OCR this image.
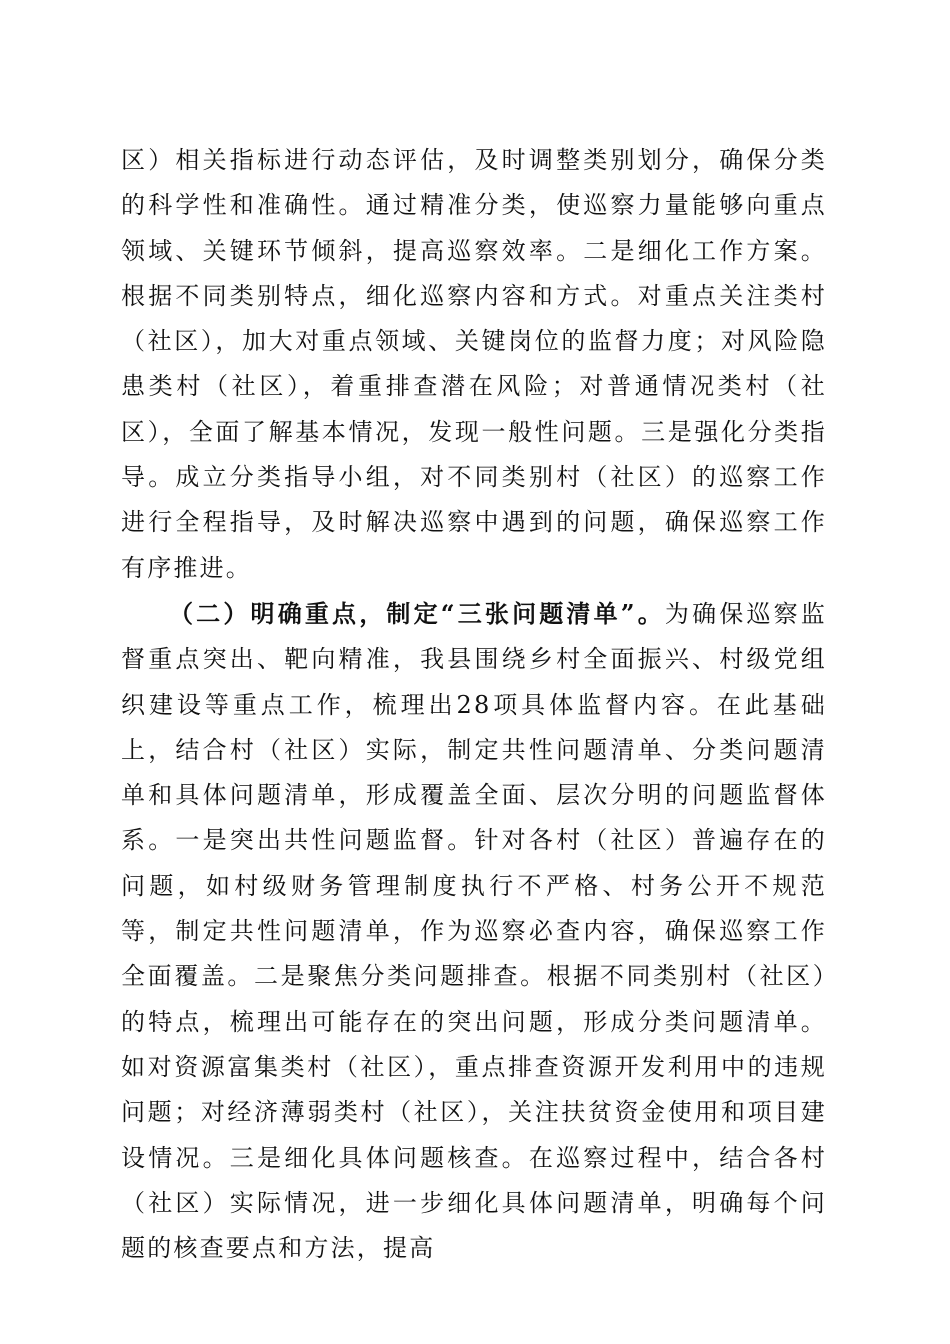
区）相关指标进行动态评估，及时调整类别划分，确保分类的科学性和准确性。通过精准分类，使巡察力量能够向重点领域、关键环节倾斜，提高巡察效率。二是细化工作方案。根据不同类别特点，细化巡察内容和方式。对重点关注类村（社区），加大对重点领域、关键岗位的监督力度；对风险隐患类村（社区），着重排查潜在风险；对普通情况类村（社区），全面了解基本情况，发现一般性问题。三是强化分类指导。成立分类指导小组，对不同类别村（社区）的巡察工作进行全程指导，及时解决巡察中遇到的问题，确保巡察工作有序推进。

（二）明确重点，制定“三张问题清单”。为确保巡察监督重点突出、靶向精准，我县围绕乡村全面振兴、村级党组织建设等重点工作，梳理出28项具体监督内容。在此基础上，结合村（社区）实际，制定共性问题清单、分类问题清单和具体问题清单，形成覆盖全面、层次分明的问题监督体系。一是突出共性问题监督。针对各村（社区）普遍存在的问题，如村级财务管理制度执行不严格、村务公开不规范等，制定共性问题清单，作为巡察必查内容，确保巡察工作全面覆盖。二是聚焦分类问题排查。根据不同类别村（社区）的特点，梳理出可能存在的突出问题，形成分类问题清单。如对资源富集类村（社区），重点排查资源开发利用中的违规问题；对经济薄弱类村（社区），关注扶贫资金使用和项目建设情况。三是细化具体问题核查。在巡察过程中，结合各村（社区）实际情况，进一步细化具体问题清单，明确每个问题的核查要点和方法，提高
